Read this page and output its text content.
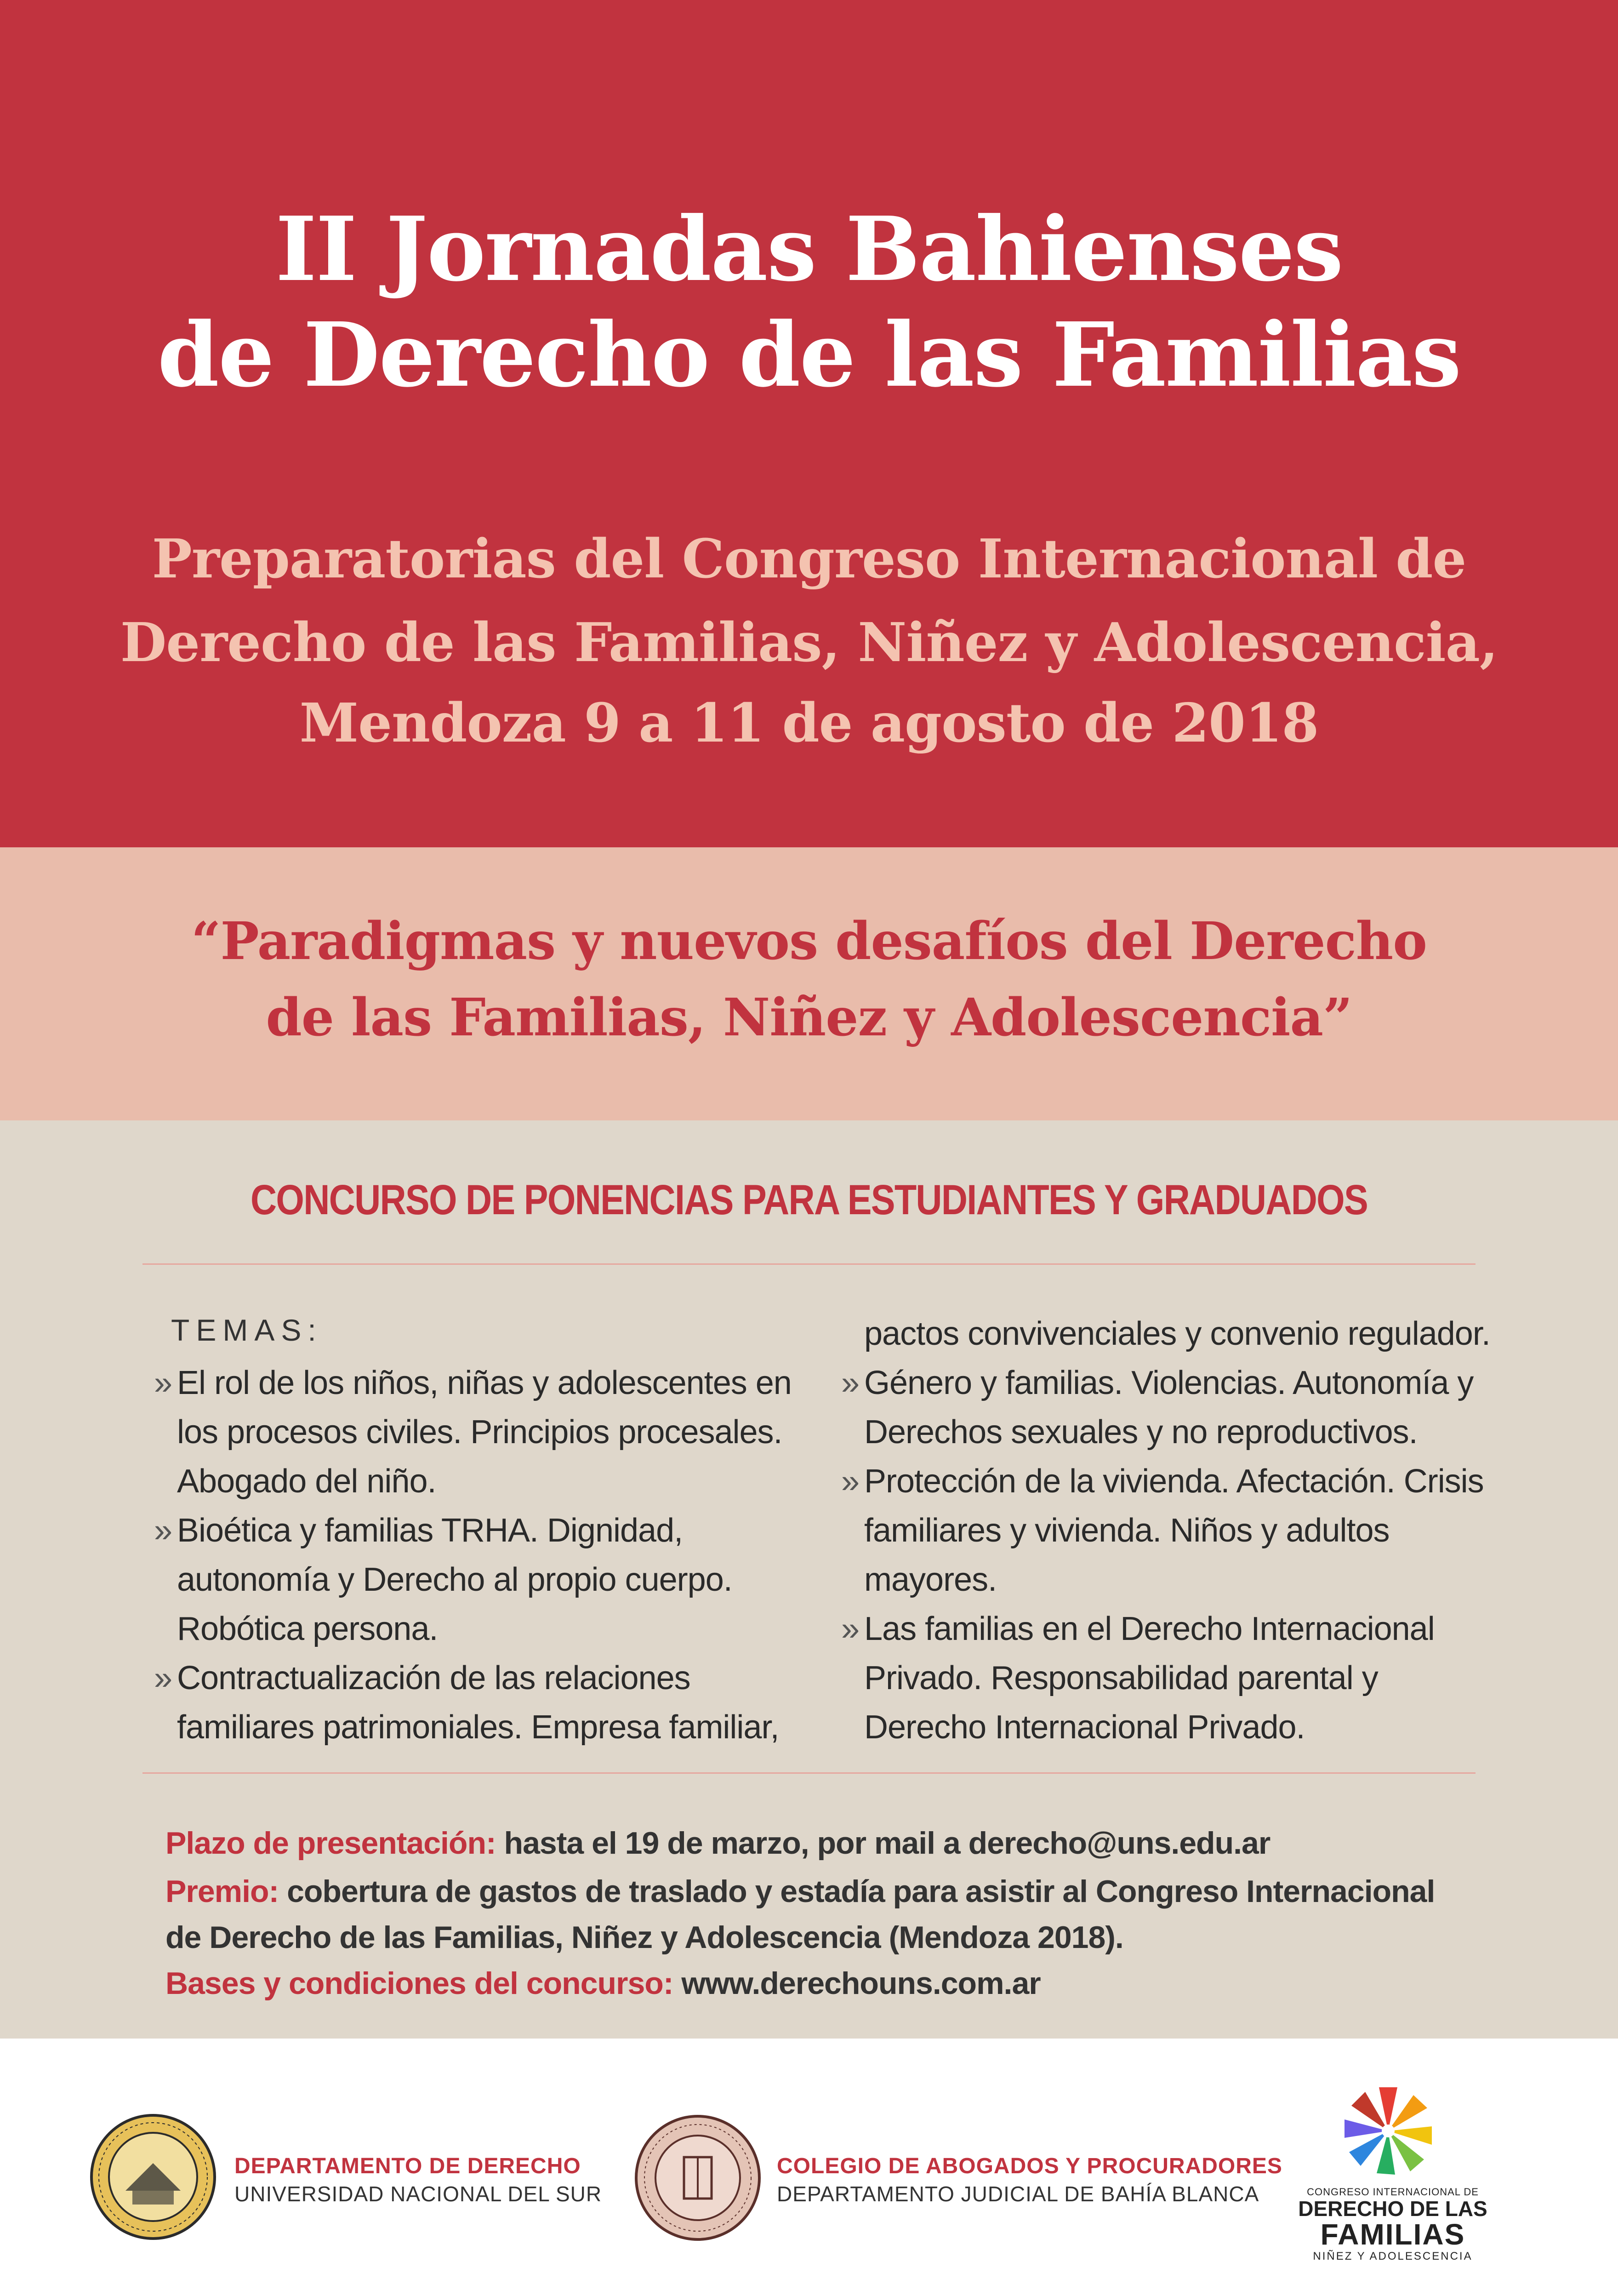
II Jornadas Bahienses
de Derecho de las Familias
Preparatorias del Congreso Internacional de
Derecho de las Familias, Niñez y Adolescencia,
Mendoza 9 a 11 de agosto de 2018
“Paradigmas y nuevos desafíos del Derecho
de las Familias, Niñez y Adolescencia”
CONCURSO DE PONENCIAS PARA ESTUDIANTES Y GRADUADOS
TEMAS:
» El rol de los niños, niñas y adolescentes en
los procesos civiles. Principios procesales.
Abogado del niño.
» Bioética y familias TRHA. Dignidad,
autonomía y Derecho al propio cuerpo.
Robótica persona.
» Contractualización de las relaciones
familiares patrimoniales. Empresa familiar,
pactos convivenciales y convenio regulador.
» Género y familias. Violencias. Autonomía y
Derechos sexuales y no reproductivos.
» Protección de la vivienda. Afectación. Crisis
familiares y vivienda. Niños y adultos
mayores.
» Las familias en el Derecho Internacional
Privado. Responsabilidad parental y
Derecho Internacional Privado.
Plazo de presentación: hasta el 19 de marzo, por mail a derecho@uns.edu.ar
Premio: cobertura de gastos de traslado y estadía para asistir al Congreso Internacional
de Derecho de las Familias, Niñez y Adolescencia (Mendoza 2018).
Bases y condiciones del concurso: www.derechouns.com.ar
DEPARTAMENTO DE DERECHO
UNIVERSIDAD NACIONAL DEL SUR
COLEGIO DE ABOGADOS Y PROCURADORES
DEPARTAMENTO JUDICIAL DE BAHÍA BLANCA	CONGRESO INTERNACIONAL DE
DERECHO DE LAS
FAMILIAS
NIÑEZ Y ADOLESCENCIA
